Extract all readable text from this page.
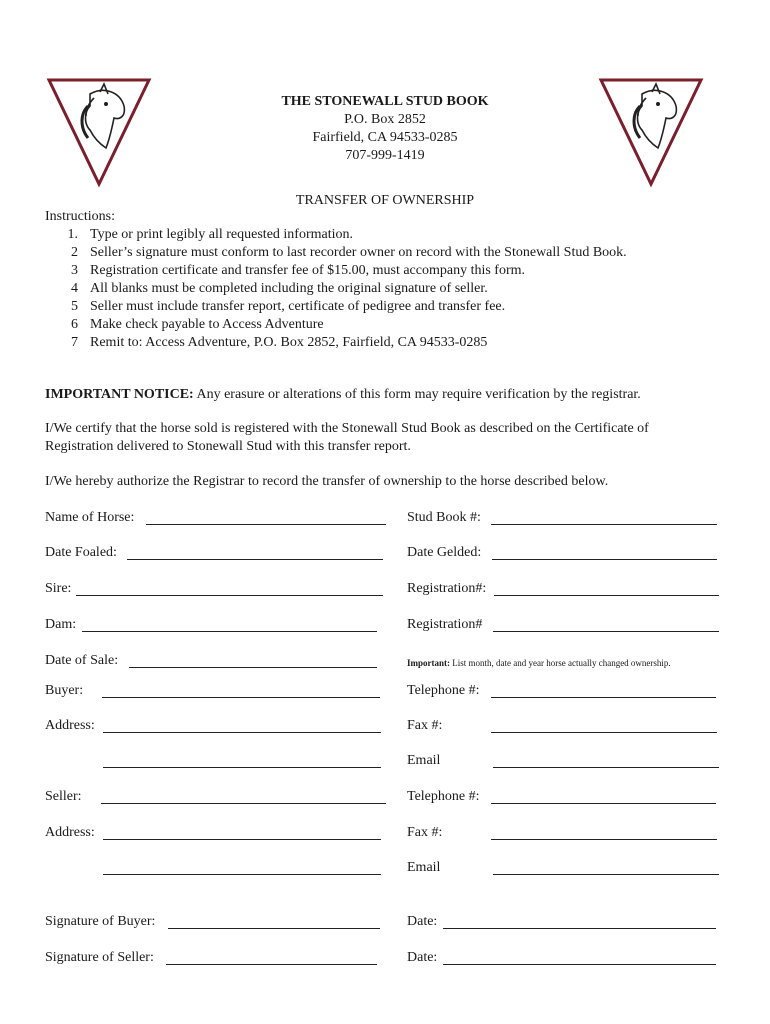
THE STONEWALL STUD BOOK
P.O. Box 2852
Fairfield, CA 94533-0285
707-999-1419
TRANSFER OF OWNERSHIP
Instructions:
1. Type or print legibly all requested information.
2 Seller’s signature must conform to last recorder owner on record with the Stonewall Stud Book.
3 Registration certificate and transfer fee of $15.00, must accompany this form.
4 All blanks must be completed including the original signature of seller.
5 Seller must include transfer report, certificate of pedigree and transfer fee.
6 Make check payable to Access Adventure
7 Remit to: Access Adventure, P.O. Box 2852, Fairfield, CA 94533-0285
IMPORTANT NOTICE: Any erasure or alterations of this form may require verification by the registrar.
I/We certify that the horse sold is registered with the Stonewall Stud Book as described on the Certificate of
Registration delivered to Stonewall Stud with this transfer report.
I/We hereby authorize the Registrar to record the transfer of ownership to the horse described below.
Name of Horse:	Stud Book #:
Date Foaled:	Date Gelded:
Sire:	Registration#:
Dam:	Registration#
Date of Sale:	Important: List month, date and year horse actually changed ownership.
Buyer:	Telephone #:
Address:	Fax #:
Email
Seller:	Telephone #:
Address:	Fax #:
Email
Signature of Buyer:	Date:
Signature of Seller:	Date:
